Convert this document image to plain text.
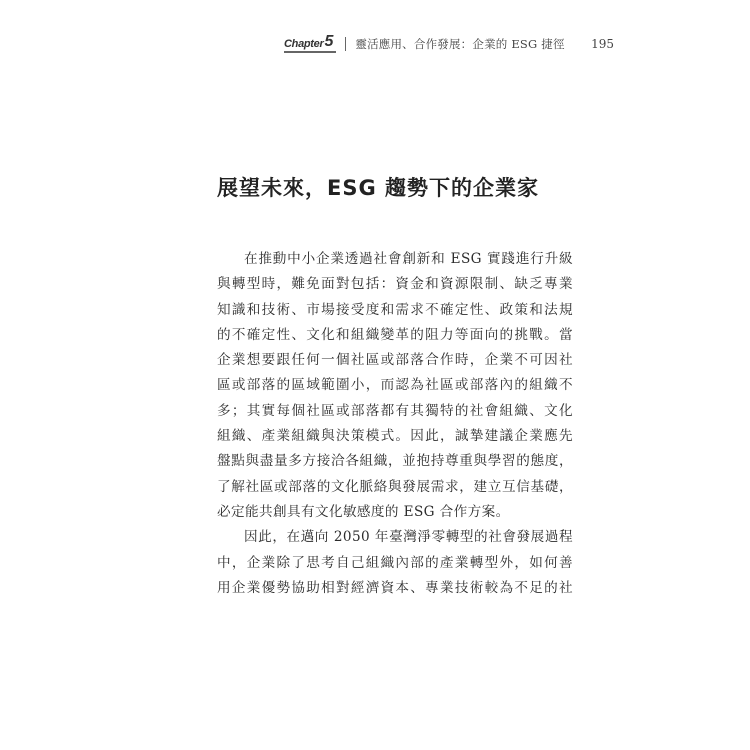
Chapter 5 靈活應用、合作發展：企業的 ESG 捷徑 195
展望未來，ESG 趨勢下的企業家
在推動中小企業透過社會創新和 ESG 實踐進行升級
與轉型時，難免面對包括：資金和資源限制、缺乏專業
知識和技術、市場接受度和需求不確定性、政策和法規
的不確定性、文化和組織變革的阻力等面向的挑戰。當
企業想要跟任何一個社區或部落合作時，企業不可因社
區或部落的區域範圍小，而認為社區或部落內的組織不
多；其實每個社區或部落都有其獨特的社會組織、文化
組織、產業組織與決策模式。因此，誠摯建議企業應先
盤點與盡量多方接洽各組織，並抱持尊重與學習的態度，
了解社區或部落的文化脈絡與發展需求，建立互信基礎，
必定能共創具有文化敏感度的 ESG 合作方案。
因此，在邁向 2050 年臺灣淨零轉型的社會發展過程
中，企業除了思考自己組織內部的產業轉型外，如何善
用企業優勢協助相對經濟資本、專業技術較為不足的社
